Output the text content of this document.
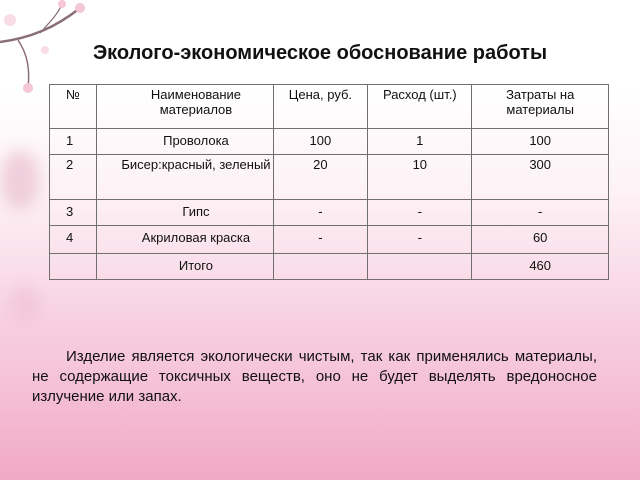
Эколого-экономическое обоснование работы
№	Наименование материалов	Цена, руб.	Расход (шт.)	Затраты на материалы

1	Проволока	100	1	100

2	Бисер:красный, зеленый	20	10	300

3	Гипс	-	-	-

4	Акриловая краска	-	-	60

	Итого			460

Изделие является экологически чистым, так как применялись материалы, не содержащие токсичных веществ, оно не будет выделять вредоносное излучение или запах.
